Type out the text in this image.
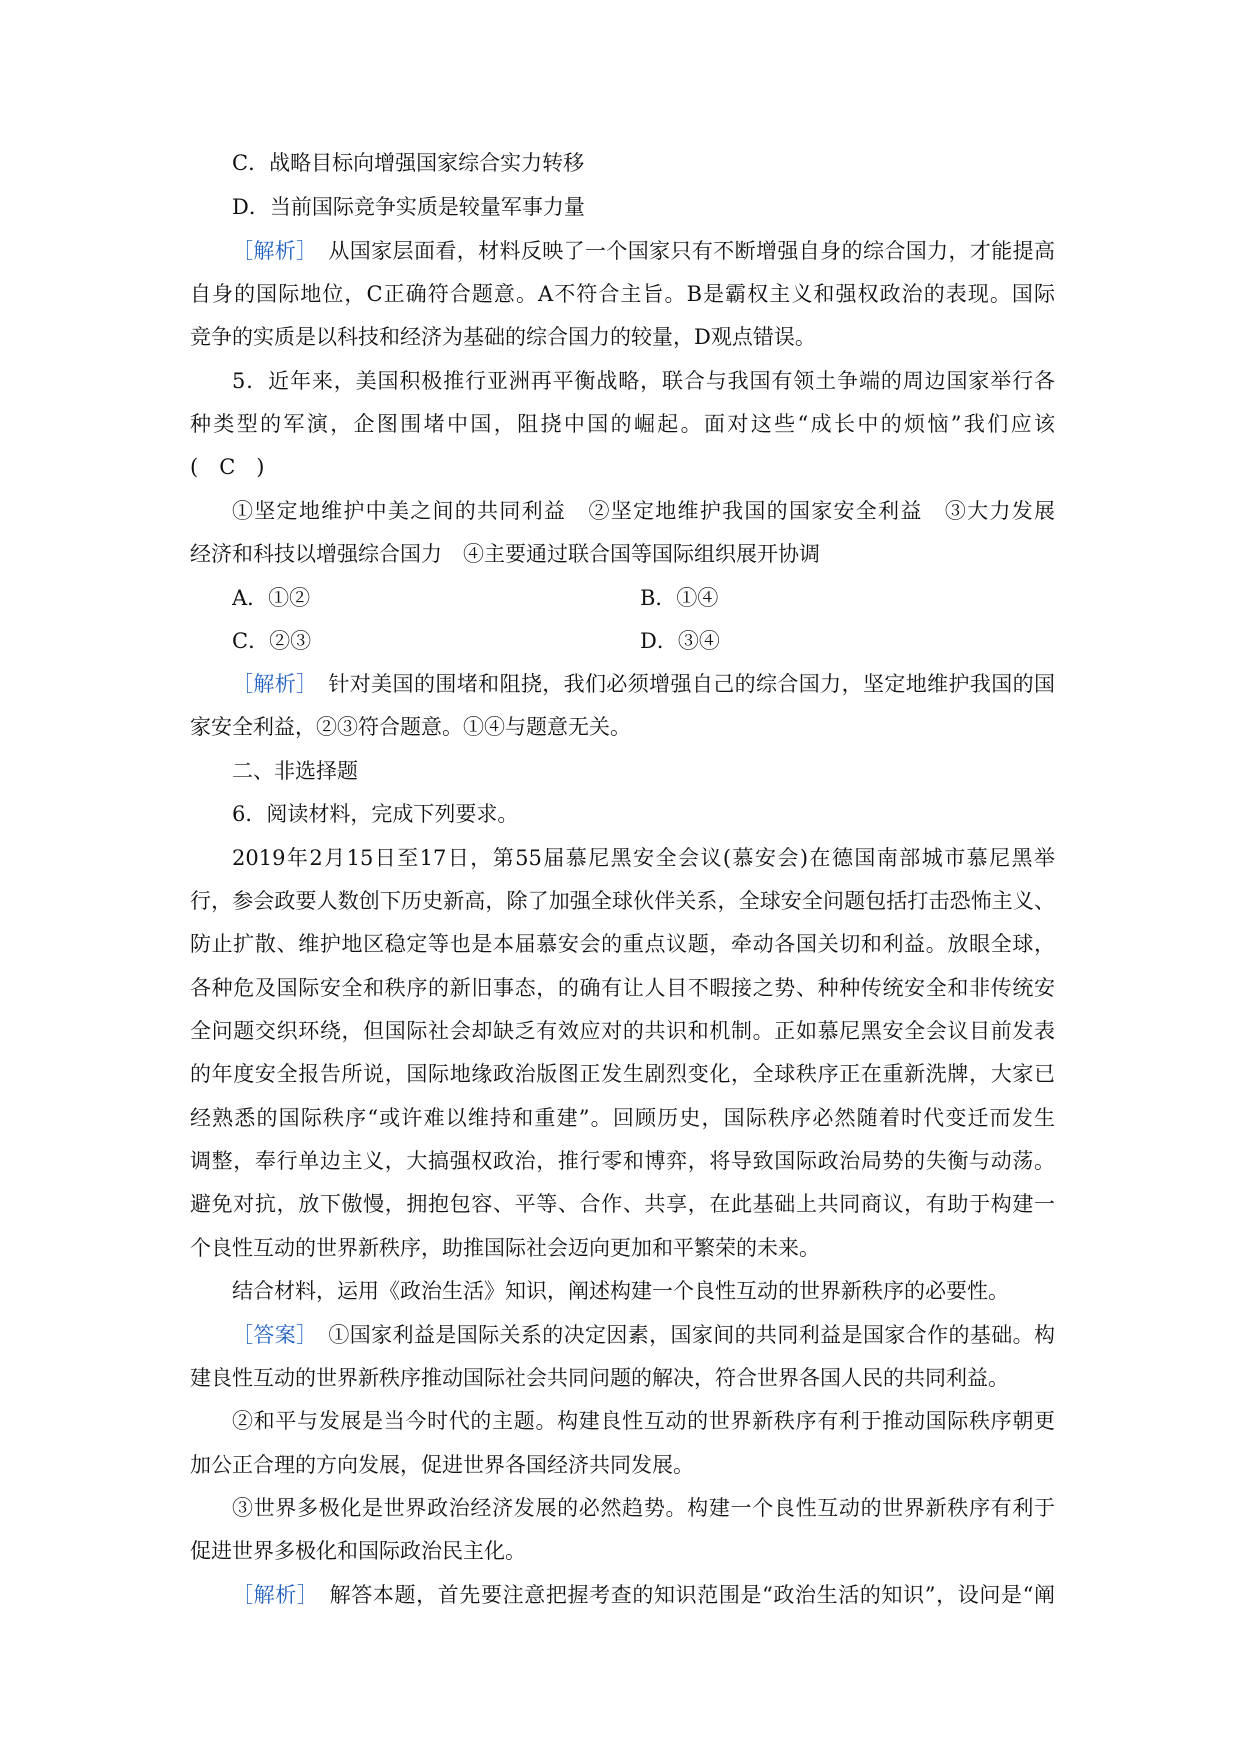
C．战略目标向增强国家综合实力转移
D．当前国际竞争实质是较量军事力量
［解析］　从国家层面看，材料反映了一个国家只有不断增强自身的综合国力，才能提高
自身的国际地位，C正确符合题意。A不符合主旨。B是霸权主义和强权政治的表现。国际
竞争的实质是以科技和经济为基础的综合国力的较量，D观点错误。
5．近年来，美国积极推行亚洲再平衡战略，联合与我国有领土争端的周边国家举行各
种类型的军演，企图围堵中国，阻挠中国的崛起。面对这些“成长中的烦恼”我们应该
(　C　)
①坚定地维护中美之间的共同利益　②坚定地维护我国的国家安全利益　③大力发展
经济和科技以增强综合国力　④主要通过联合国等国际组织展开协调
A．①②	B．①④
C．②③	D．③④
［解析］　针对美国的围堵和阻挠，我们必须增强自己的综合国力，坚定地维护我国的国
家安全利益，②③符合题意。①④与题意无关。
二、非选择题
6．阅读材料，完成下列要求。
2019年2月15日至17日，第55届慕尼黑安全会议(慕安会)在德国南部城市慕尼黑举
行，参会政要人数创下历史新高，除了加强全球伙伴关系，全球安全问题包括打击恐怖主义、
防止扩散、维护地区稳定等也是本届慕安会的重点议题，牵动各国关切和利益。放眼全球，
各种危及国际安全和秩序的新旧事态，的确有让人目不暇接之势、种种传统安全和非传统安
全问题交织环绕，但国际社会却缺乏有效应对的共识和机制。正如慕尼黑安全会议目前发表
的年度安全报告所说，国际地缘政治版图正发生剧烈变化，全球秩序正在重新洗牌，大家已
经熟悉的国际秩序“或许难以维持和重建”。回顾历史，国际秩序必然随着时代变迁而发生
调整，奉行单边主义，大搞强权政治，推行零和博弈，将导致国际政治局势的失衡与动荡。
避免对抗，放下傲慢，拥抱包容、平等、合作、共享，在此基础上共同商议，有助于构建一
个良性互动的世界新秩序，助推国际社会迈向更加和平繁荣的未来。
结合材料，运用《政治生活》知识，阐述构建一个良性互动的世界新秩序的必要性。
［答案］　①国家利益是国际关系的决定因素，国家间的共同利益是国家合作的基础。构
建良性互动的世界新秩序推动国际社会共同问题的解决，符合世界各国人民的共同利益。
②和平与发展是当今时代的主题。构建良性互动的世界新秩序有利于推动国际秩序朝更
加公正合理的方向发展，促进世界各国经济共同发展。
③世界多极化是世界政治经济发展的必然趋势。构建一个良性互动的世界新秩序有利于
促进世界多极化和国际政治民主化。
［解析］　解答本题，首先要注意把握考查的知识范围是“政治生活的知识”，设问是“阐
